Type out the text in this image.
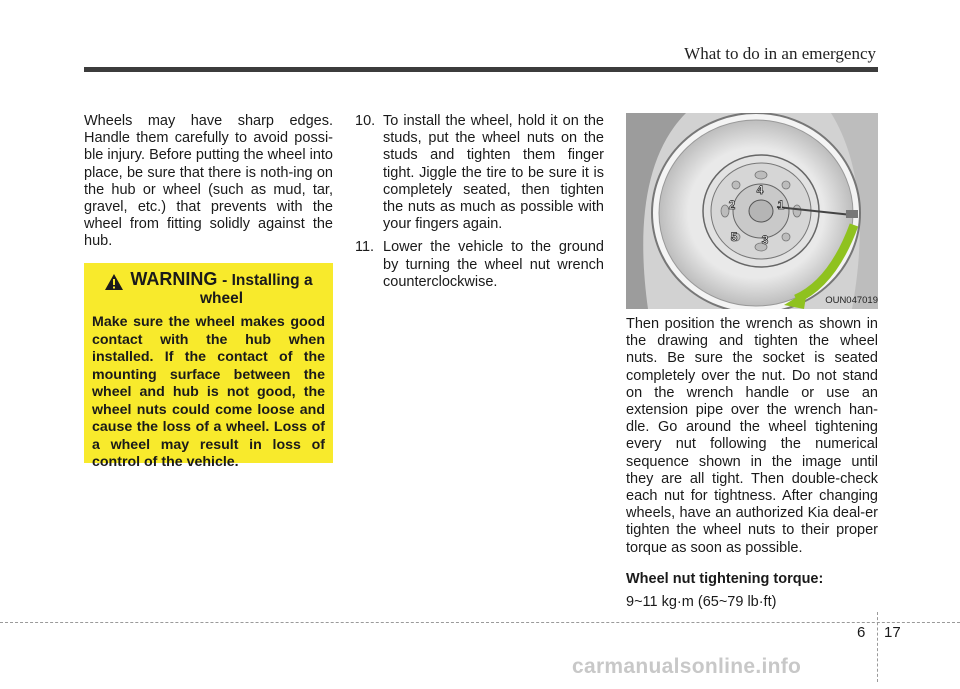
What to do in an emergency
Wheels may have sharp edges. Handle them carefully to avoid possi-ble injury. Before putting the wheel into place, be sure that there is noth-ing on the hub or wheel (such as mud, tar, gravel, etc.) that prevents with the wheel from fitting solidly against the hub.
WARNING - Installing a
wheel
Make sure the wheel makes good contact with the hub when installed. If the contact of the mounting surface between the wheel and hub is not good, the wheel nuts could come loose and cause the loss of a wheel. Loss of a wheel may result in loss of control of the vehicle.
10. To install the wheel, hold it on the studs, put the wheel nuts on the studs and tighten them finger tight. Jiggle the tire to be sure it is completely seated, then tighten the nuts as much as possible with your fingers again.
11. Lower the vehicle to the ground by turning the wheel nut wrench counterclockwise.
1
2
3
4
5
OUN047019
Then position the wrench as shown in the drawing and tighten the wheel nuts. Be sure the socket is seated completely over the nut. Do not stand on the wrench handle or use an extension pipe over the wrench han-dle. Go around the wheel tightening every nut following the numerical sequence shown in the image until they are all tight. Then double-check each nut for tightness. After changing wheels, have an authorized Kia deal-er tighten the wheel nuts to their proper torque as soon as possible.
Wheel nut tightening torque:
9~11 kg·m (65~79 lb·ft)
6 17
carmanualsonline.info
